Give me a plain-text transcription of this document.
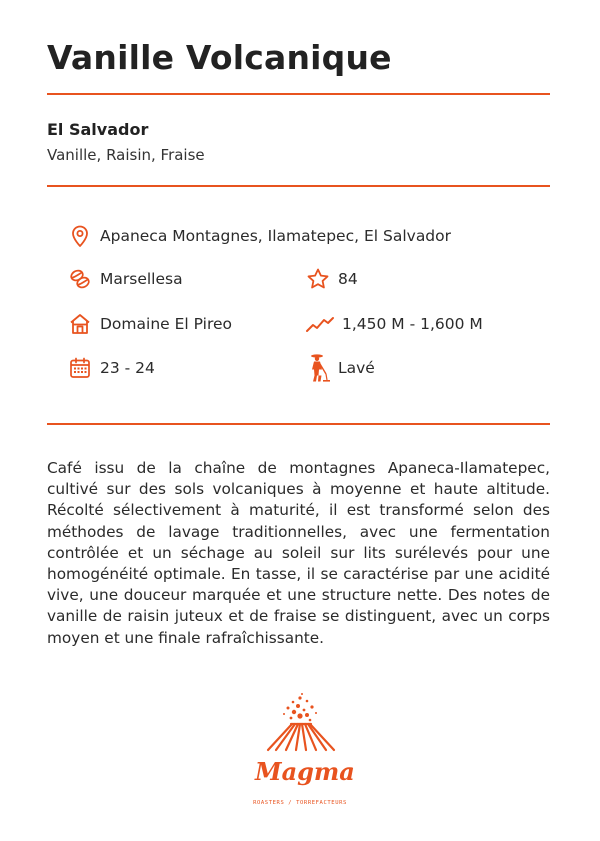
Vanille Volcanique
El Salvador
Vanille, Raisin, Fraise
Apaneca Montagnes, Ilamatepec, El Salvador
Marsellesa	84
Domaine El Pireo	1,450 M - 1,600 M
23 - 24	Lavé
Café issu de la chaîne de montagnes Apaneca-Ilamatepec, cultivé sur des sols volcaniques à moyenne et haute altitude. Récolté sélectivement à maturité, il est transformé selon des méthodes de lavage traditionnelles, avec une fermentation contrôlée et un séchage au soleil sur lits surélevés pour une homogénéité optimale. En tasse, il se caractérise par une acidité vive, une douceur marquée et une structure nette. Des notes de vanille de raisin juteux et de fraise se distinguent, avec un corps moyen et une finale rafraîchissante.
Magma
ROASTERS / TORREFACTEURS
